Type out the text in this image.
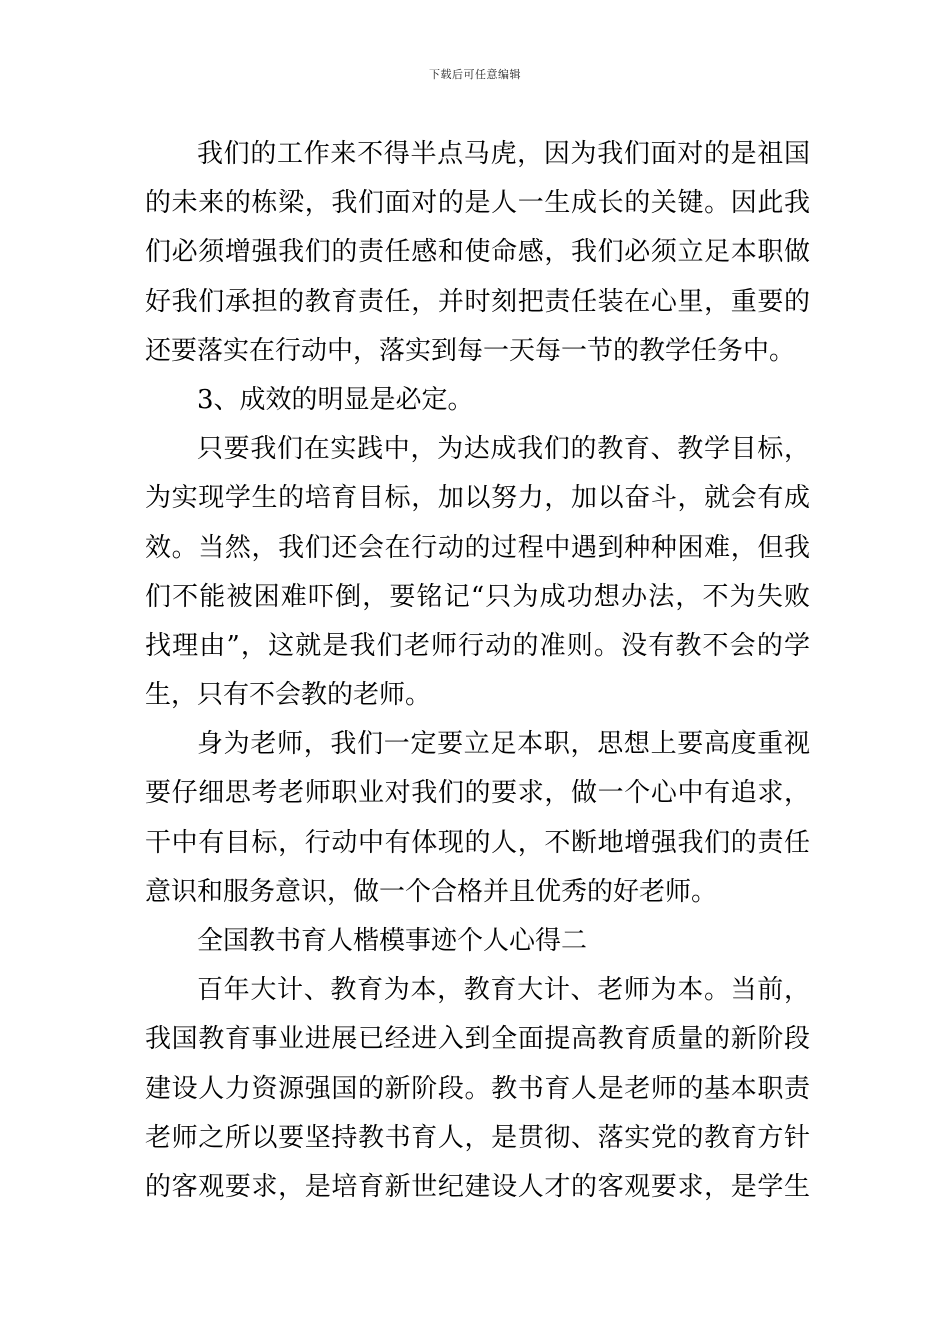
下载后可任意编辑
我们的工作来不得半点马虎，因为我们面对的是祖国
的未来的栋梁，我们面对的是人一生成长的关键。因此我
们必须增强我们的责任感和使命感，我们必须立足本职做
好我们承担的教育责任，并时刻把责任装在心里，重要的
还要落实在行动中，落实到每一天每一节的教学任务中。
3、成效的明显是必定。
只要我们在实践中，为达成我们的教育、教学目标，
为实现学生的培育目标，加以努力，加以奋斗，就会有成
效。当然，我们还会在行动的过程中遇到种种困难，但我
们不能被困难吓倒，要铭记“只为成功想办法，不为失败
找理由”，这就是我们老师行动的准则。没有教不会的学
生，只有不会教的老师。
身为老师，我们一定要立足本职，思想上要高度重视
要仔细思考老师职业对我们的要求，做一个心中有追求，
干中有目标，行动中有体现的人，不断地增强我们的责任
意识和服务意识，做一个合格并且优秀的好老师。
全国教书育人楷模事迹个人心得二
百年大计、教育为本，教育大计、老师为本。当前，
我国教育事业进展已经进入到全面提高教育质量的新阶段
建设人力资源强国的新阶段。教书育人是老师的基本职责
老师之所以要坚持教书育人，是贯彻、落实党的教育方针
的客观要求，是培育新世纪建设人才的客观要求，是学生
